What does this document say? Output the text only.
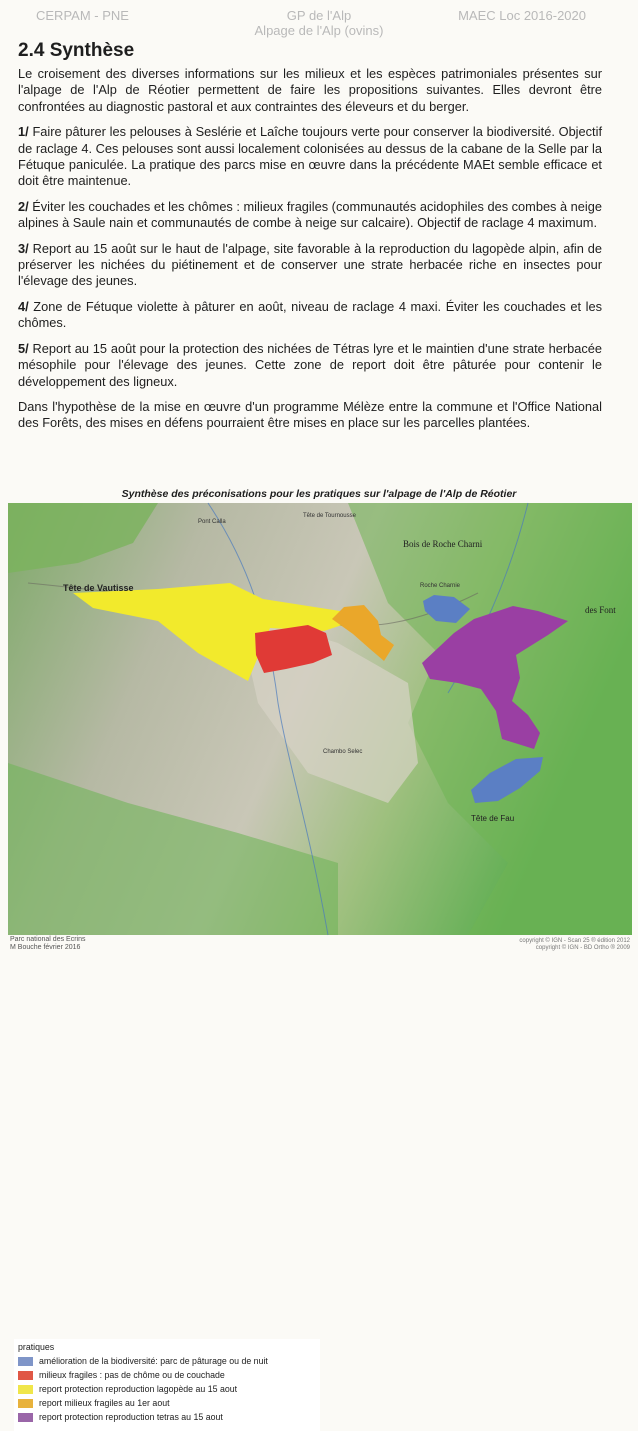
CERPAM - PNE	GP de l'Alp
Alpage de l'Alp (ovins)
MAEC Loc 2016-2020
2.4 Synthèse

Le croisement des diverses informations sur les milieux et les espèces patrimoniales présentes sur l'alpage de l'Alp de Réotier permettent de faire les propositions suivantes. Elles devront être confrontées au diagnostic pastoral et aux contraintes des éleveurs et du berger.

1/ Faire pâturer les pelouses à Seslérie et Laîche toujours verte pour conserver la biodiversité. Objectif de raclage 4. Ces pelouses sont aussi localement colonisées au dessus de la cabane de la Selle par la Fétuque paniculée. La pratique des parcs mise en œuvre dans la précédente MAEt semble efficace et doit être maintenue.

2/ Éviter les couchades et les chômes : milieux fragiles (communautés acidophiles des combes à neige alpines à Saule nain et communautés de combe à neige sur calcaire). Objectif de raclage 4 maximum.

3/ Report au 15 août sur le haut de l'alpage, site favorable à la reproduction du lagopède alpin, afin de préserver les nichées du piétinement et de conserver une strate herbacée riche en insectes pour l'élevage des jeunes.

4/ Zone de Fétuque violette à pâturer en août, niveau de raclage 4 maxi. Éviter les couchades et les chômes.

5/ Report au 15 août pour la protection des nichées de Tétras lyre et le maintien d'une strate herbacée mésophile pour l'élevage des jeunes. Cette zone de report doit être pâturée pour contenir le développement des ligneux.

Dans l'hypothèse de la mise en œuvre d'un programme Mélèze entre la commune et l'Office National des Forêts, des mises en défens pourraient être mises en place sur les parcelles plantées.

Synthèse des préconisations pour les pratiques sur l'alpage de l'Alp de Réotier
Tête de Vautisse
Bois de Roche Charni
des Font
Tête de Fau
Roche Charnie
Pont Calla
Tête de Tournousse
Chambo Selec
pratiques
amélioration de la biodiversité: parc de pâturage ou de nuit
milieux fragiles : pas de chôme ou de couchade
report protection reproduction lagopède au 15 aout
report milieux fragiles au 1er aout
report protection reproduction tetras au 15 aout
Parc national des Ecrins
M Bouche février 2016
copyright © IGN - Scan 25 ® édition 2012
copyright © IGN - BD Ortho ® 2009
